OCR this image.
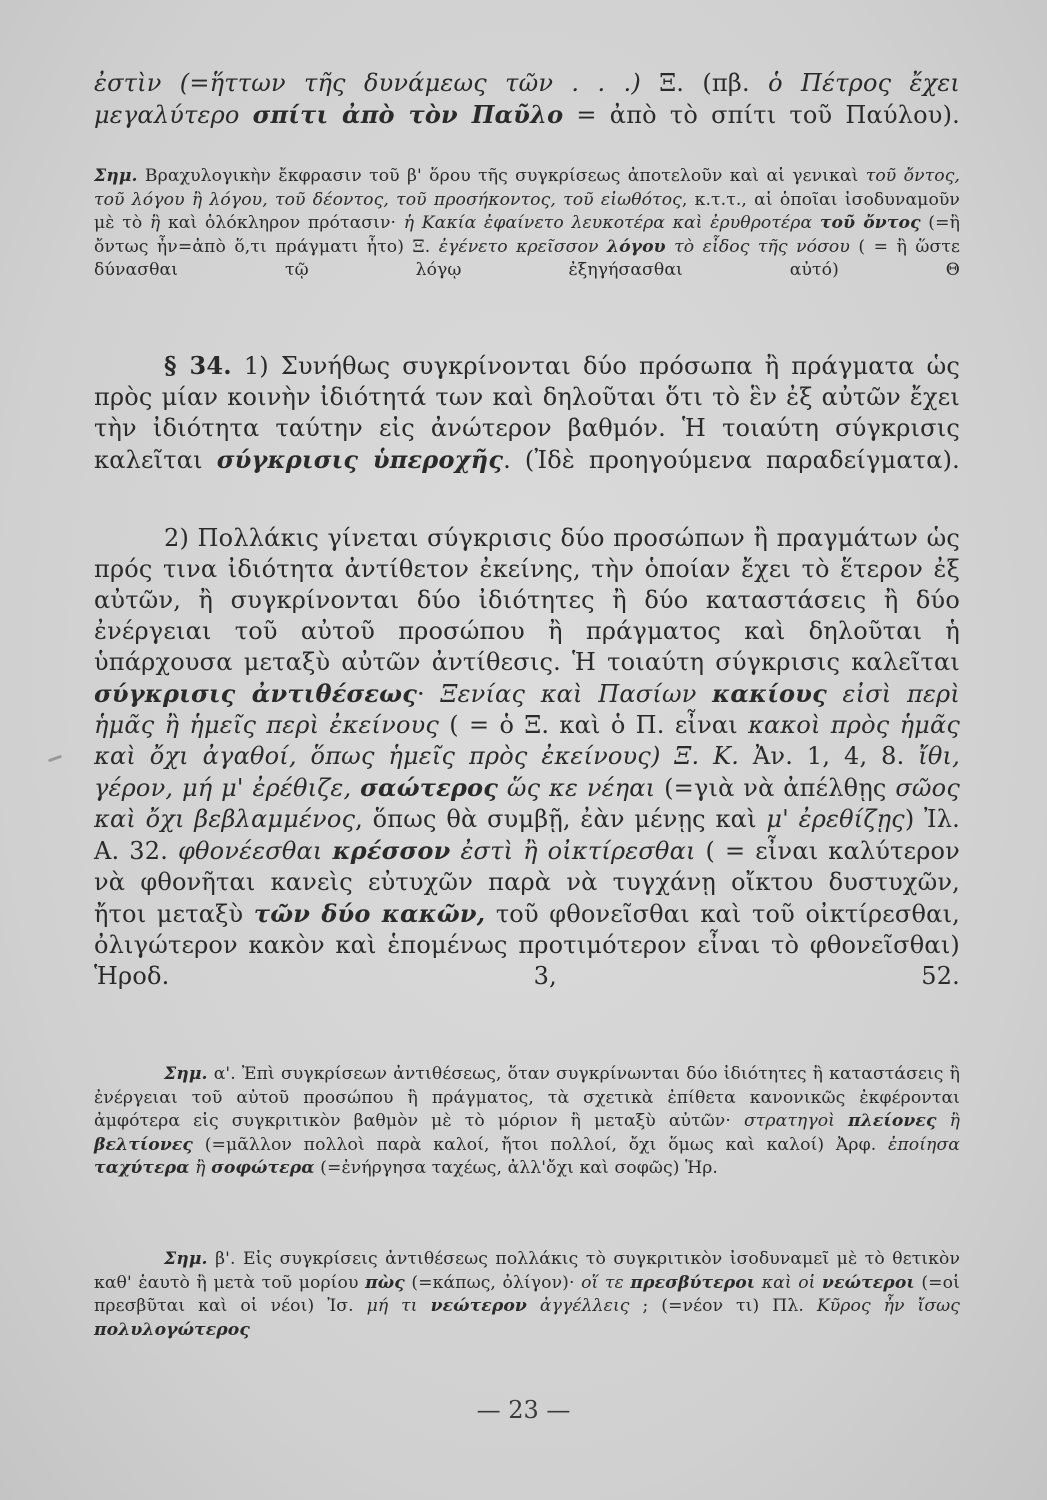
ἐστὶν (=ἥττων τῆς δυνάμεως τῶν . . .) Ξ. (πβ. ὁ Πέτρος ἔχει μεγαλύτερο σπίτι ἀπὸ τὸν Παῦλο = ἀπὸ τὸ σπίτι τοῦ Παύλου).

Σημ. Βραχυλογικὴν ἔκφρασιν τοῦ β' ὅρου τῆς συγκρίσεως ἀποτελοῦν καὶ αἱ γενικαὶ τοῦ ὄντος, τοῦ λόγου ἢ λόγου, τοῦ δέοντος, τοῦ προσήκοντος, τοῦ εἰωθότος, κ.τ.τ., αἱ ὁποῖαι ἰσοδυναμοῦν μὲ τὸ ἢ καὶ ὁλόκληρον πρότασιν· ἡ Κακία ἐφαίνετο λευκοτέρα καὶ ἐρυθροτέρα τοῦ ὄντος (=ἢ ὄντως ἦν=ἀπὸ ὅ,τι πράγματι ἦτο) Ξ. ἐγένετο κρεῖσσον λόγου τὸ εἶδος τῆς νόσου ( = ἢ ὥστε δύνασθαι τῷ λόγῳ ἐξηγήσασθαι αὐτό) Θ

§ 34. 1) Συνήθως συγκρίνονται δύο πρόσωπα ἢ πράγματα ὡς πρὸς μίαν κοινὴν ἰδιότητά των καὶ δηλοῦται ὅτι τὸ ἓν ἐξ αὐτῶν ἔχει τὴν ἰδιότητα ταύτην εἰς ἀνώτερον βαθμόν. Ἡ τοιαύτη σύγκρισις καλεῖται σύγκρισις ὑπεροχῆς. (Ἰδὲ προηγούμενα παραδείγματα).

2) Πολλάκις γίνεται σύγκρισις δύο προσώπων ἢ πραγμάτων ὡς πρός τινα ἰδιότητα ἀντίθετον ἐκείνης, τὴν ὁποίαν ἔχει τὸ ἕτερον ἐξ αὐτῶν, ἢ συγκρίνονται δύο ἰδιότητες ἢ δύο καταστάσεις ἢ δύο ἐνέργειαι τοῦ αὐτοῦ προσώπου ἢ πράγματος καὶ δηλοῦται ἡ ὑπάρχουσα μεταξὺ αὐτῶν ἀντίθεσις. Ἡ τοιαύτη σύγκρισις καλεῖται σύγκρισις ἀντιθέσεως· Ξενίας καὶ Πασίων κακίους εἰσὶ περὶ ἡμᾶς ἢ ἡμεῖς περὶ ἐκείνους ( = ὁ Ξ. καὶ ὁ Π. εἶναι κακοὶ πρὸς ἡμᾶς καὶ ὄχι ἀγαθοί, ὅπως ἡμεῖς πρὸς ἐκείνους) Ξ. Κ. Ἀν. 1, 4, 8. ἴθι, γέρον, μή μ' ἐρέθιζε, σαώτερος ὥς κε νέηαι (=γιὰ νὰ ἀπέλθῃς σῶος καὶ ὄχι βεβλαμμένος, ὅπως θὰ συμβῇ, ἐὰν μένῃς καὶ μ' ἐρεθίζῃς) Ἰλ. Α. 32. φθονέεσθαι κρέσσον ἐστὶ ἢ οἰκτίρεσθαι ( = εἶναι καλύτερον νὰ φθονῆται κανεὶς εὐτυχῶν παρὰ νὰ τυγχάνῃ οἴκτου δυστυχῶν, ἤτοι μεταξὺ τῶν δύο κακῶν, τοῦ φθονεῖσθαι καὶ τοῦ οἰκτίρεσθαι, ὀλιγώτερον κακὸν καὶ ἑπομένως προτιμότερον εἶναι τὸ φθονεῖσθαι) Ἡροδ. 3, 52.

Σημ. α'. Ἐπὶ συγκρίσεων ἀντιθέσεως, ὅταν συγκρίνωνται δύο ἰδιότητες ἢ καταστάσεις ἢ ἐνέργειαι τοῦ αὐτοῦ προσώπου ἢ πράγματος, τὰ σχετικὰ ἐπίθετα κανονικῶς ἐκφέρονται ἀμφότερα εἰς συγκριτικὸν βαθμὸν μὲ τὸ μόριον ἢ μεταξὺ αὐτῶν· στρατηγοὶ πλείονες ἢ βελτίονες (=μᾶλλον πολλοὶ παρὰ καλοί, ἤτοι πολλοί, ὄχι ὅμως καὶ καλοί) Ἀρφ. ἐποίησα ταχύτερα ἢ σοφώτερα (=ἐνήργησα ταχέως, ἀλλ'ὄχι καὶ σοφῶς) Ἡρ.

Σημ. β'. Εἰς συγκρίσεις ἀντιθέσεως πολλάκις τὸ συγκριτικὸν ἰσοδυναμεῖ μὲ τὸ θετικὸν καθ' ἑαυτὸ ἢ μετὰ τοῦ μορίου πὼς (=κάπως, ὀλίγον)· οἵ τε πρεσβύτεροι καὶ οἱ νεώτεροι (=οἱ πρεσβῦται καὶ οἱ νέοι) Ἰσ. μή τι νεώτερον ἀγγέλλεις ; (=νέον τι) Πλ. Κῦρος ἦν ἴσως πολυλογώτερος

— 23 —
